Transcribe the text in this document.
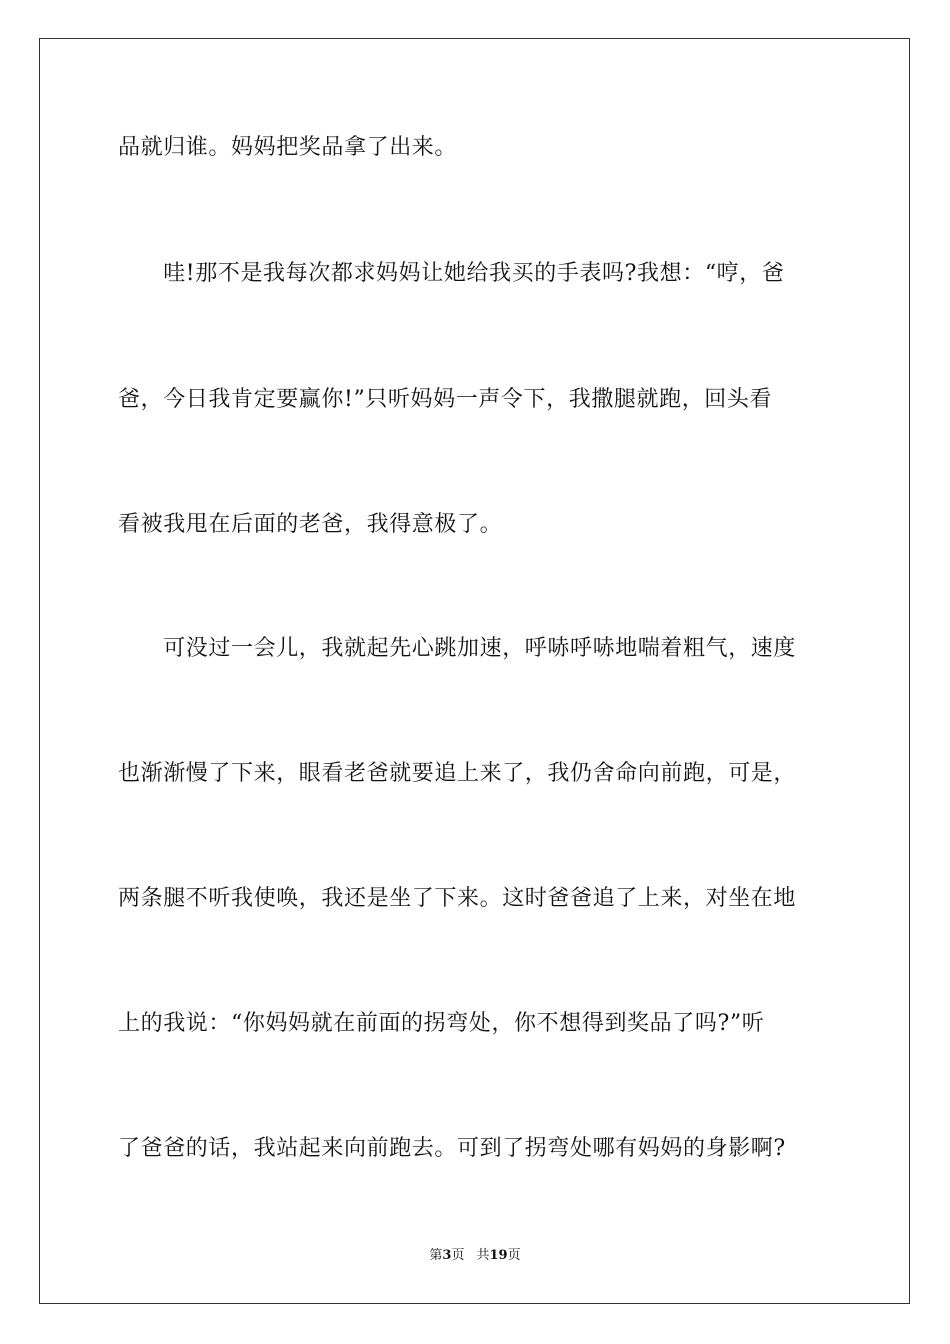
品就归谁。妈妈把奖品拿了出来。
　　哇!那不是我每次都求妈妈让她给我买的手表吗?我想：“哼，爸
爸，今日我肯定要赢你!”只听妈妈一声令下，我撒腿就跑，回头看
看被我甩在后面的老爸，我得意极了。
　　可没过一会儿，我就起先心跳加速，呼哧呼哧地喘着粗气，速度
也渐渐慢了下来，眼看老爸就要追上来了，我仍舍命向前跑，可是，
两条腿不听我使唤，我还是坐了下来。这时爸爸追了上来，对坐在地
上的我说：“你妈妈就在前面的拐弯处，你不想得到奖品了吗?”听
了爸爸的话，我站起来向前跑去。可到了拐弯处哪有妈妈的身影啊?
第3页 共19页
